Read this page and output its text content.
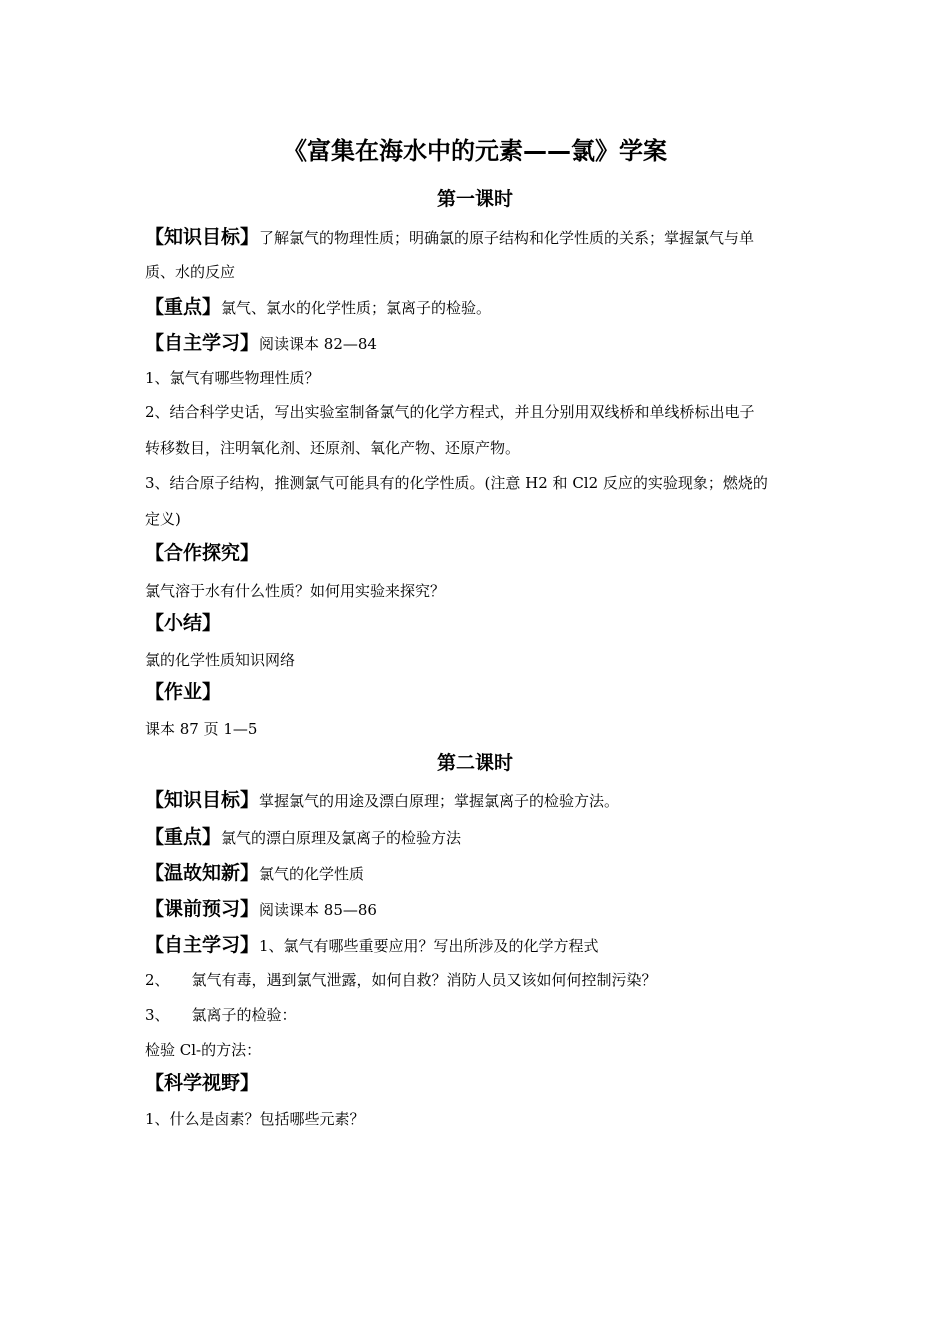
《富集在海水中的元素——氯》学案
第一课时
【知识目标】了解氯气的物理性质；明确氯的原子结构和化学性质的关系；掌握氯气与单
质、水的反应
【重点】氯气、氯水的化学性质；氯离子的检验。
【自主学习】阅读课本 82—84
1、氯气有哪些物理性质？
2、结合科学史话，写出实验室制备氯气的化学方程式，并且分别用双线桥和单线桥标出电子
转移数目，注明氧化剂、还原剂、氧化产物、还原产物。
3、结合原子结构，推测氯气可能具有的化学性质。(注意 H2 和 Cl2 反应的实验现象；燃烧的
定义)
【合作探究】
氯气溶于水有什么性质？如何用实验来探究？
【小结】
氯的化学性质知识网络
【作业】
课本 87 页 1—5
第二课时
【知识目标】掌握氯气的用途及漂白原理；掌握氯离子的检验方法。
【重点】氯气的漂白原理及氯离子的检验方法
【温故知新】氯气的化学性质
【课前预习】阅读课本 85—86
【自主学习】1、氯气有哪些重要应用？写出所涉及的化学方程式
2、 氯气有毒，遇到氯气泄露，如何自救？消防人员又该如何何控制污染？
3、 氯离子的检验：
检验 Cl-的方法：
【科学视野】
1、什么是卤素？包括哪些元素？
